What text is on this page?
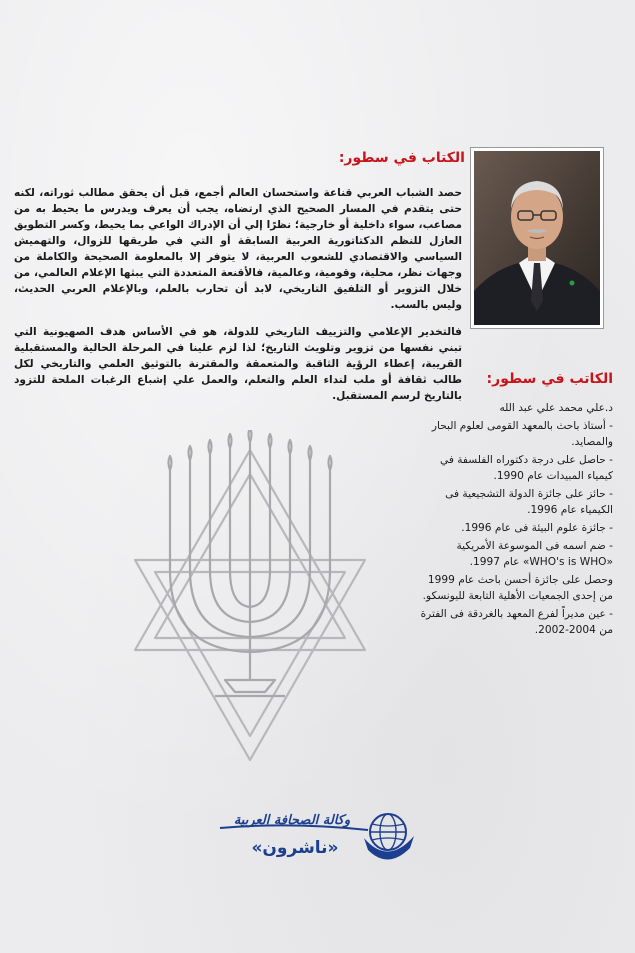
الكتاب في سطور:
حصد الشباب العربي قناعة واستحسان العالم أجمع، قبل أن يحقق مطالب ثوراته، لكنه حتى يتقدم في المسار الصحيح الذي ارتضاه، يجب أن يعرف ويدرس ما يحيط به من مصاعب، سواء داخلية أو خارجية؛ نظرًا إلي أن الإدراك الواعي بما يحيط، وكسر التطويق العازل للنظم الدكتاتورية العربية السابقة أو التي في طريقها للزوال، والتهميش السياسي والاقتصادي للشعوب العربية، لا يتوفر إلا بالمعلومة الصحيحة والكاملة من وجهات نظر، محلية، وقومية، وعالمية، فالأقنعة المتعددة التي يبثها الإعلام العالمي، من خلال التزوير أو التلفيق التاريخي، لابد أن تحارب بالعلم، وبالإعلام العربي الحديث، وليس بالسب.
فالتخدير الإعلامي والتزييف التاريخي للدولة، هو في الأساس هدف الصهيونية التي تبني نفسها من تزوير وتلويث التاريخ؛ لذا لزم علينا في المرحلة الحالية والمستقبلية القريبة، إعطاء الرؤية الثاقبة والمتعمقة والمقترنة بالتوثيق العلمي والتاريخي لكل طالب ثقافة أو ملب لنداء العلم والتعلم، والعمل علي إشباع الرغبات الملحة للتزود بالتاريخ لرسم المستقبل.
الكاتب في سطور:
د.علي محمد علي عبد الله
- أستاذ باحث بالمعهد القومى لعلوم البحار والمصايد.
- حاصل على درجة دكتوراه الفلسفة في كيمياء المبيدات عام 1990.
- حائز على جائزة الدولة التشجيعية فى الكيمياء عام 1996.
- جائزة علوم البيئة فى عام 1996.
- ضم اسمه فى الموسوعة الأمريكية «WHO's is WHO» عام 1997.
وحصل على جائزة أحسن باحث عام 1999 من إحدى الجمعيات الأهلية التابعة لليونسكو.
- عين مديراً لفرع المعهد بالغردقة فى الفترة من 2004-2002.
وكالة الصحافة العربية
«ناشرون»
